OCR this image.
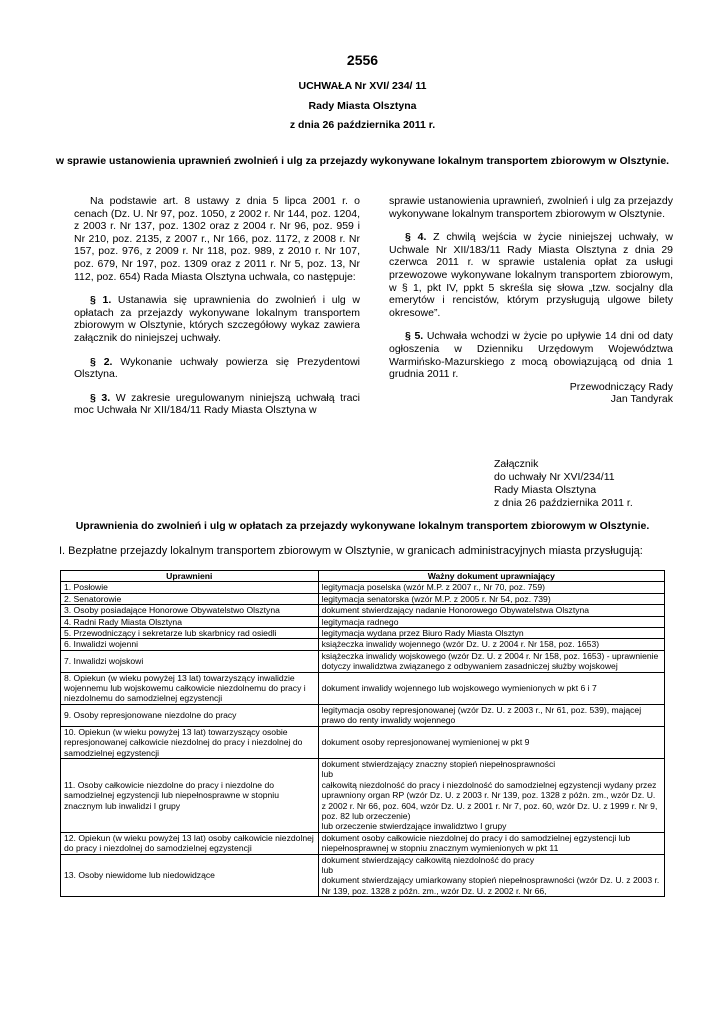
2556
UCHWAŁA Nr XVI/ 234/ 11
Rady Miasta Olsztyna
z dnia 26 października 2011 r.
w sprawie ustanowienia uprawnień zwolnień i ulg za przejazdy wykonywane lokalnym transportem zbiorowym w Olsztynie.

Na podstawie art. 8 ustawy z dnia 5 lipca 2001 r. o cenach (Dz. U. Nr 97, poz. 1050, z 2002 r. Nr 144, poz. 1204, z 2003 r. Nr 137, poz. 1302 oraz z 2004 r. Nr 96, poz. 959 i Nr 210, poz. 2135, z 2007 r., Nr 166, poz. 1172, z 2008 r. Nr 157, poz. 976, z 2009 r. Nr 118, poz. 989, z 2010 r. Nr 107, poz. 679, Nr 197, poz. 1309 oraz z 2011 r. Nr 5, poz. 13, Nr 112, poz. 654) Rada Miasta Olsztyna uchwala, co następuje:

§ 1. Ustanawia się uprawnienia do zwolnień i ulg w opłatach za przejazdy wykonywane lokalnym transportem zbiorowym w Olsztynie, których szczegółowy wykaz zawiera załącznik do niniejszej uchwały.

§ 2. Wykonanie uchwały powierza się Prezydentowi Olsztyna.

§ 3. W zakresie uregulowanym niniejszą uchwałą traci moc Uchwała Nr XII/184/11 Rady Miasta Olsztyna w

sprawie ustanowienia uprawnień, zwolnień i ulg za przejazdy wykonywane lokalnym transportem zbiorowym w Olsztynie.

§ 4. Z chwilą wejścia w życie niniejszej uchwały, w Uchwale Nr XII/183/11 Rady Miasta Olsztyna z dnia 29 czerwca 2011 r. w sprawie ustalenia opłat za usługi przewozowe wykonywane lokalnym transportem zbiorowym, w § 1, pkt IV, ppkt 5 skreśla się słowa „tzw. socjalny dla emerytów i rencistów, którym przysługują ulgowe bilety okresowe”.

§ 5. Uchwała wchodzi w życie po upływie 14 dni od daty ogłoszenia w Dzienniku Urzędowym Województwa Warmińsko-Mazurskiego z mocą obowiązującą od dnia 1 grudnia 2011 r.

Przewodniczący Rady
Jan Tandyrak
Załącznik
do uchwały Nr XVI/234/11
Rady Miasta Olsztyna
z dnia 26 października 2011 r.
Uprawnienia do zwolnień i ulg w opłatach za przejazdy wykonywane lokalnym transportem zbiorowym w Olsztynie.
I. Bezpłatne przejazdy lokalnym transportem zbiorowym w Olsztynie, w granicach administracyjnych miasta przysługują:
Uprawnieni	Ważny dokument uprawniający
1. Posłowie	legitymacja poselska (wzór M.P. z 2007 r., Nr 70, poz. 759)

2. Senatorowie	legitymacja senatorska (wzór M.P. z 2005 r. Nr 54, poz. 739)

3. Osoby posiadające Honorowe Obywatelstwo Olsztyna	dokument stwierdzający nadanie Honorowego Obywatelstwa Olsztyna

4. Radni Rady Miasta Olsztyna	legitymacja radnego

5. Przewodniczący i sekretarze lub skarbnicy rad osiedli	legitymacja wydana przez Biuro Rady Miasta Olsztyn

6. Inwalidzi wojenni	książeczka inwalidy wojennego (wzór Dz. U. z 2004 r. Nr 158, poz. 1653)

7. Inwalidzi wojskowi	książeczka inwalidy wojskowego (wzór Dz. U. z 2004 r. Nr 158, poz. 1653) - uprawnienie dotyczy inwalidztwa związanego z odbywaniem zasadniczej służby wojskowej

8. Opiekun (w wieku powyżej 13 lat) towarzyszący inwalidzie wojennemu lub wojskowemu całkowicie niezdolnemu do pracy i niezdolnemu do samodzielnej egzystencji	dokument inwalidy wojennego lub wojskowego wymienionych w pkt 6 i 7

9. Osoby represjonowane niezdolne do pracy	legitymacja osoby represjonowanej (wzór Dz. U. z 2003 r., Nr 61, poz. 539), mającej prawo do renty inwalidy wojennego

10. Opiekun (w wieku powyżej 13 lat) towarzyszący osobie represjonowanej całkowicie niezdolnej do pracy i niezdolnej do samodzielnej egzystencji	dokument osoby represjonowanej wymienionej w pkt 9

11. Osoby całkowicie niezdolne do pracy i niezdolne do samodzielnej egzystencji lub niepełnosprawne w stopniu znacznym lub inwalidzi I grupy	dokument stwierdzający znaczny stopień niepełnosprawności
lub
całkowitą niezdolność do pracy i niezdolność do samodzielnej egzystencji wydany przez uprawniony organ RP (wzór Dz. U. z 2003 r. Nr 139, poz. 1328 z późn. zm., wzór Dz. U. z 2002 r. Nr 66, poz. 604, wzór Dz. U. z 2001 r. Nr 7, poz. 60, wzór Dz. U. z 1999 r. Nr 9, poz. 82 lub orzeczenie)
lub orzeczenie stwierdzające inwalidztwo I grupy

12. Opiekun (w wieku powyżej 13 lat) osoby całkowicie niezdolnej do pracy i niezdolnej do samodzielnej egzystencji	dokument osoby całkowicie niezdolnej do pracy i do samodzielnej egzystencji lub niepełnosprawnej w stopniu znacznym wymienionych w pkt 11

13. Osoby niewidome lub niedowidzące	dokument stwierdzający całkowitą niezdolność do pracy
lub
dokument stwierdzający umiarkowany stopień niepełnosprawności (wzór Dz. U. z 2003 r. Nr 139, poz. 1328 z późn. zm., wzór Dz. U. z 2002 r. Nr 66,
